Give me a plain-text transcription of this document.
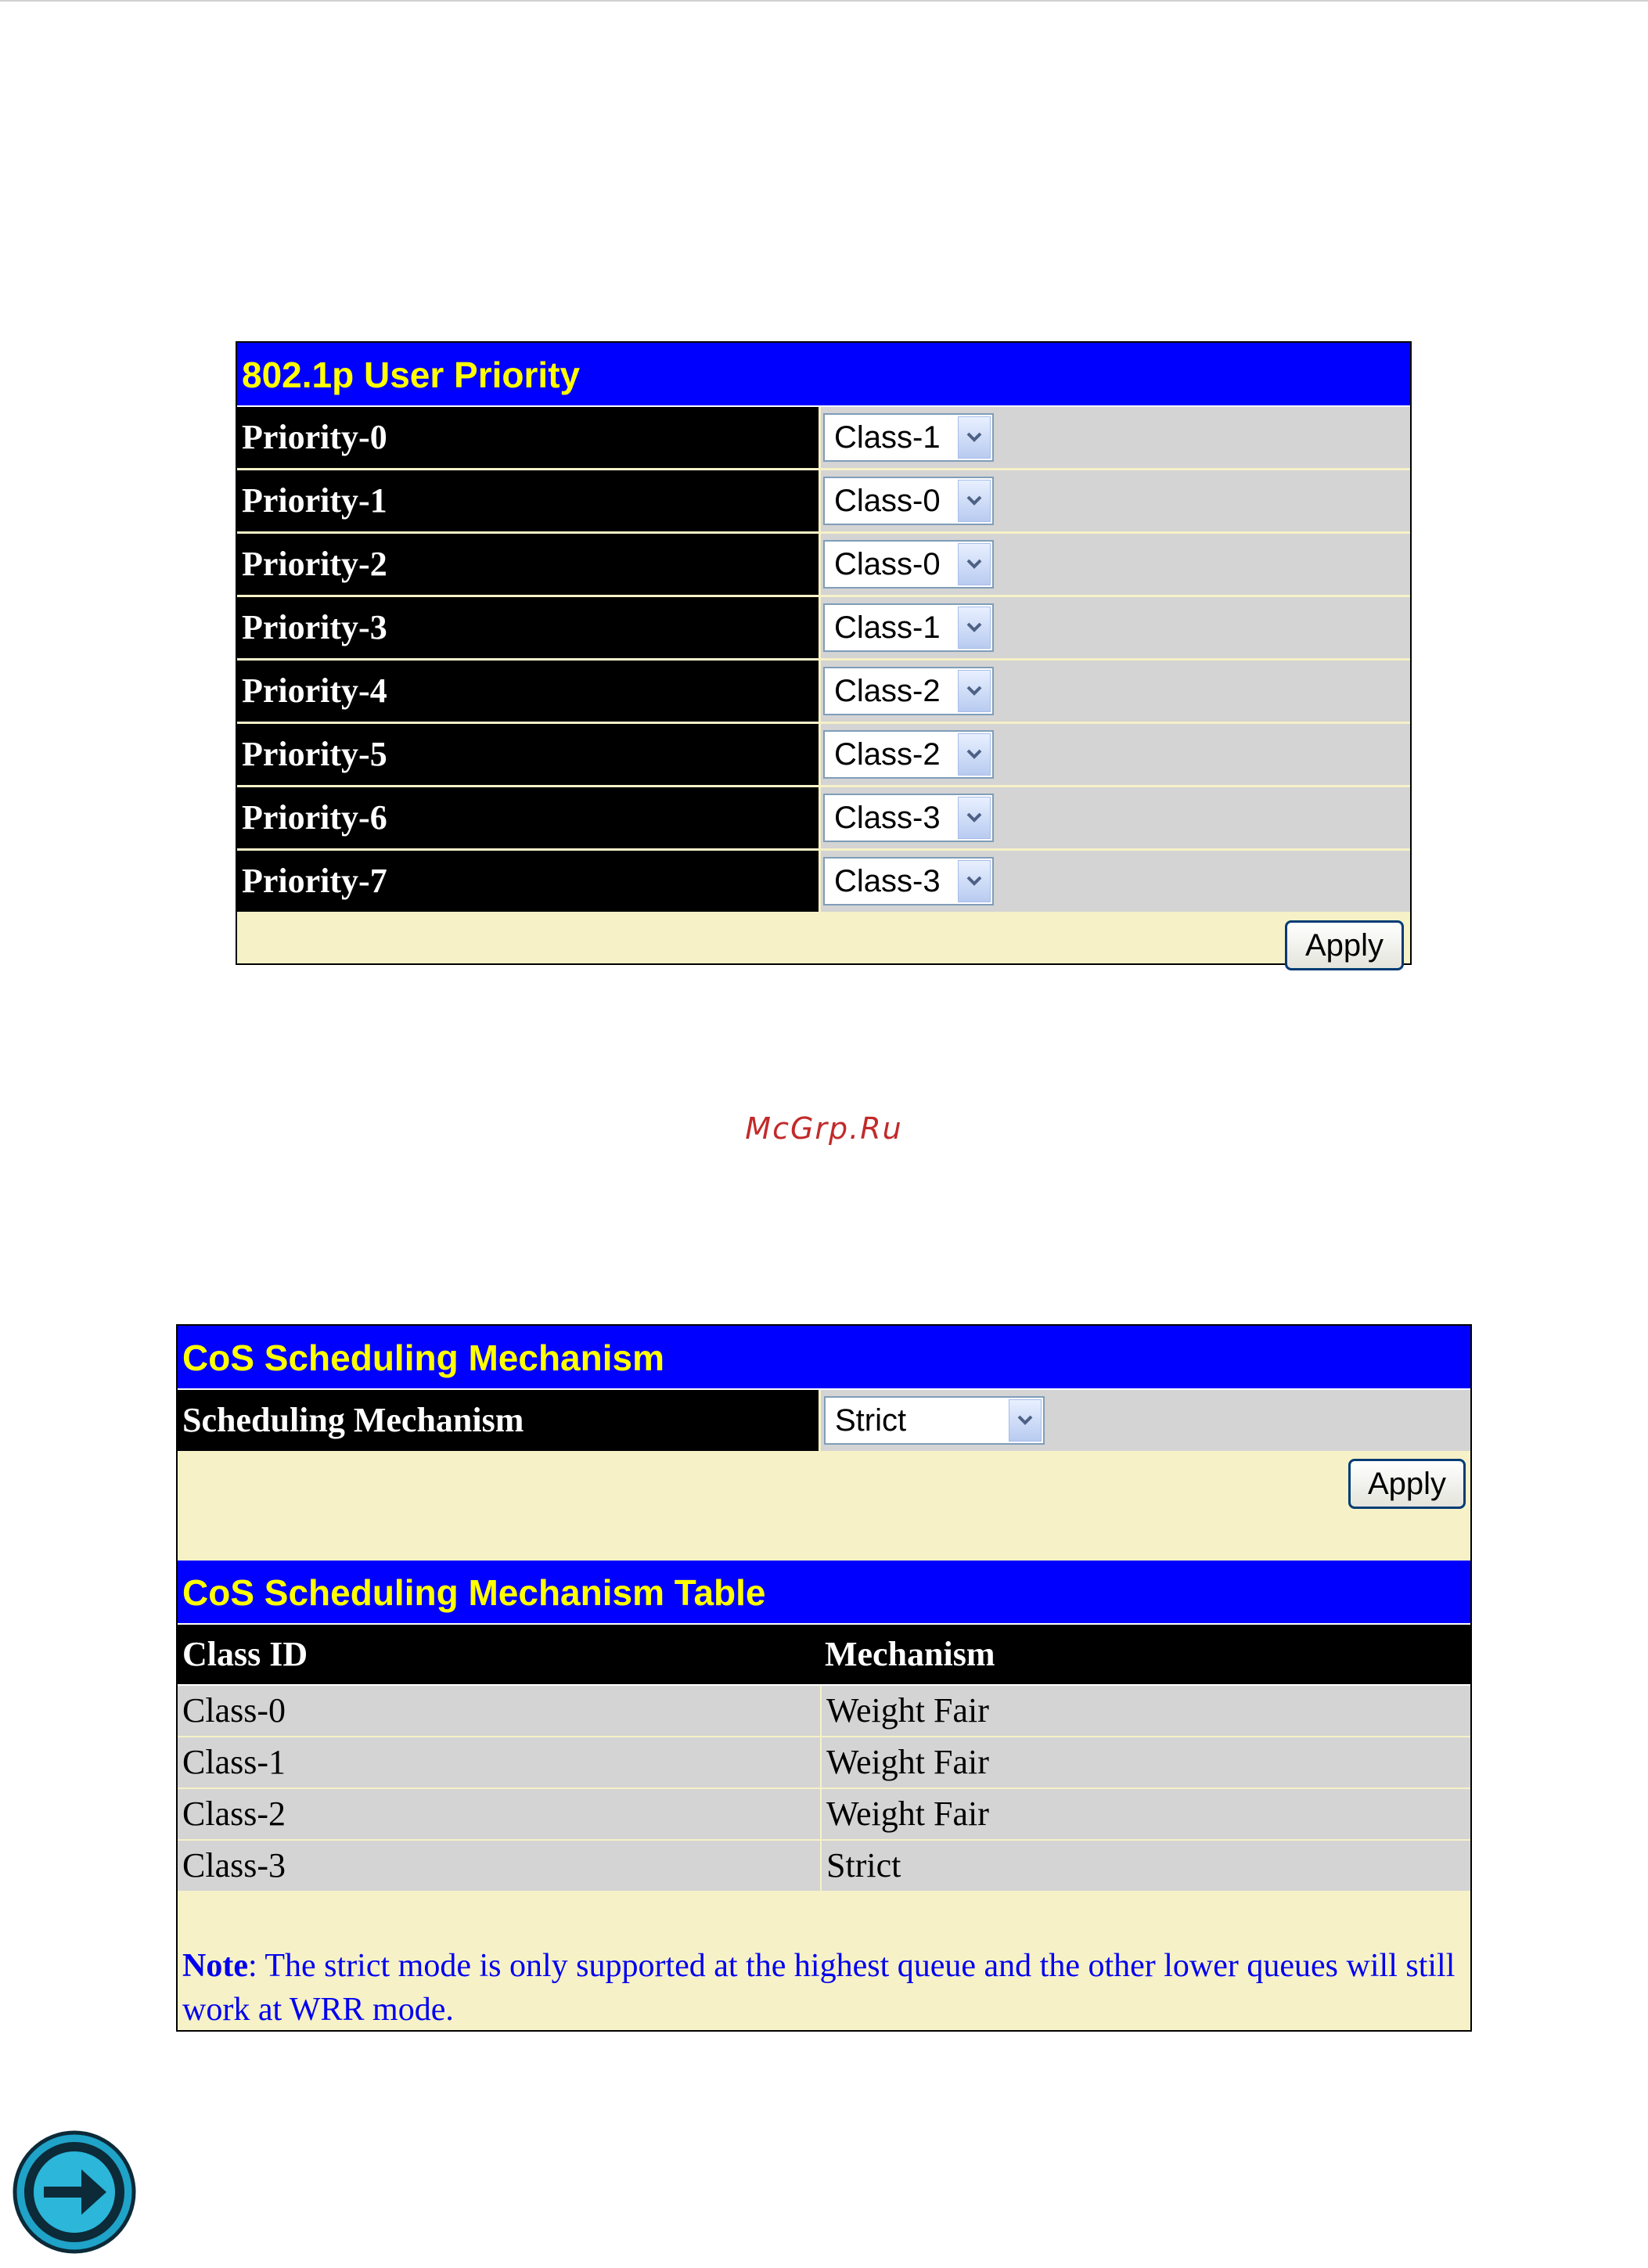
802.1p User Priority
Priority-0	Class-1
Priority-1	Class-0
Priority-2	Class-0
Priority-3	Class-1
Priority-4	Class-2
Priority-5	Class-2
Priority-6	Class-3
Priority-7	Class-3
Apply
McGrp.Ru
CoS Scheduling Mechanism
Scheduling Mechanism	Strict
Apply
CoS Scheduling Mechanism Table
Class ID	Mechanism
Class-0	Weight Fair
Class-1	Weight Fair
Class-2	Weight Fair
Class-3	Strict
Note: The strict mode is only supported at the highest queue and the other lower queues will still work at WRR mode.
